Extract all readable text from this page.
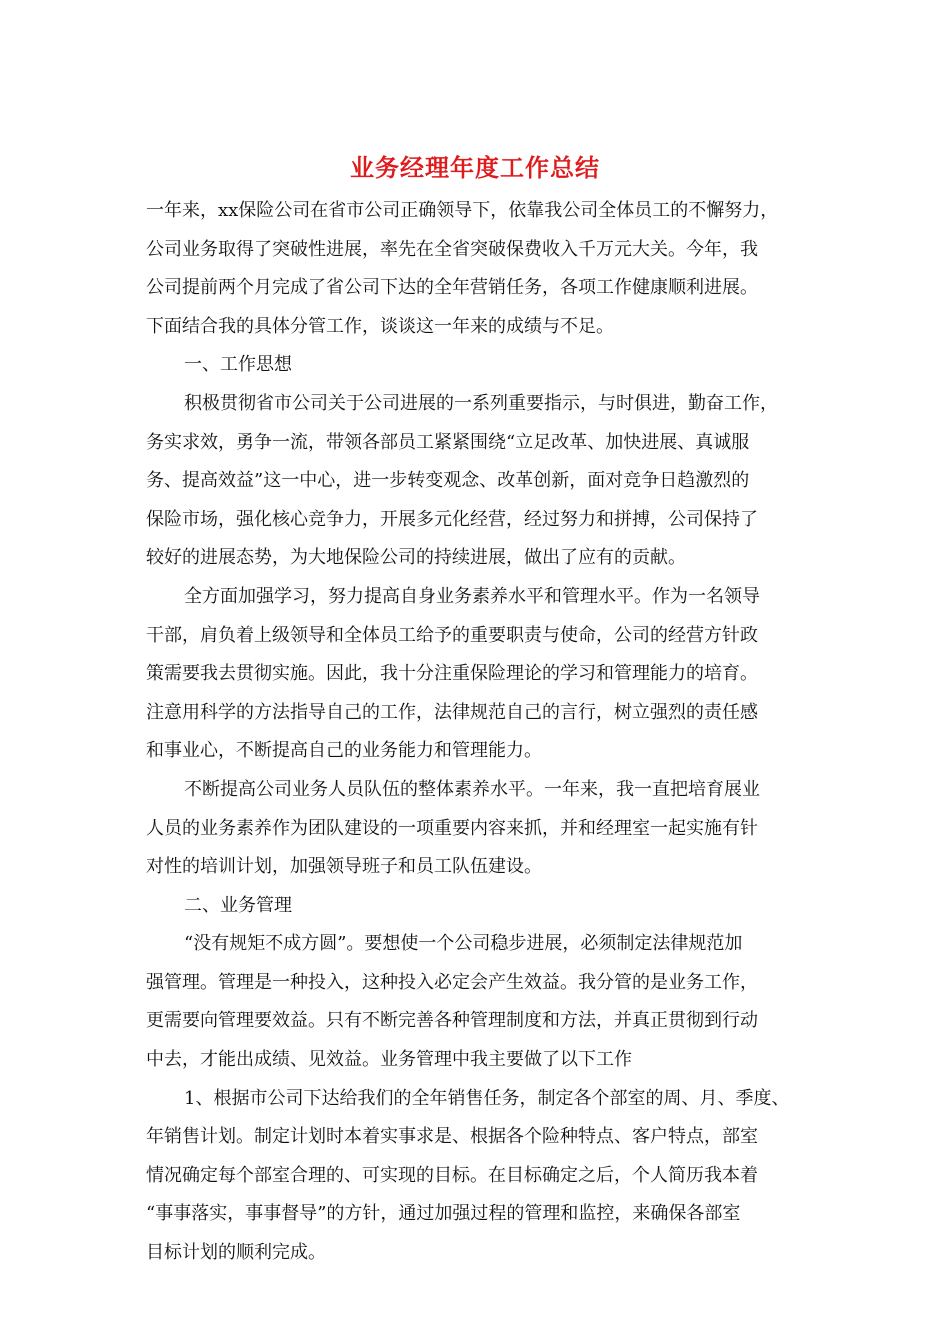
业务经理年度工作总结
一年来，xx保险公司在省市公司正确领导下，依靠我公司全体员工的不懈努力，
公司业务取得了突破性进展，率先在全省突破保费收入千万元大关。今年，我
公司提前两个月完成了省公司下达的全年营销任务，各项工作健康顺利进展。
下面结合我的具体分管工作，谈谈这一年来的成绩与不足。
一、工作思想
积极贯彻省市公司关于公司进展的一系列重要指示，与时俱进，勤奋工作，
务实求效，勇争一流，带领各部员工紧紧围绕“立足改革、加快进展、真诚服
务、提高效益”这一中心，进一步转变观念、改革创新，面对竞争日趋激烈的
保险市场，强化核心竞争力，开展多元化经营，经过努力和拼搏，公司保持了
较好的进展态势，为大地保险公司的持续进展，做出了应有的贡献。
全方面加强学习，努力提高自身业务素养水平和管理水平。作为一名领导
干部，肩负着上级领导和全体员工给予的重要职责与使命，公司的经营方针政
策需要我去贯彻实施。因此，我十分注重保险理论的学习和管理能力的培育。
注意用科学的方法指导自己的工作，法律规范自己的言行，树立强烈的责任感
和事业心，不断提高自己的业务能力和管理能力。
不断提高公司业务人员队伍的整体素养水平。一年来，我一直把培育展业
人员的业务素养作为团队建设的一项重要内容来抓，并和经理室一起实施有针
对性的培训计划，加强领导班子和员工队伍建设。
二、业务管理
“没有规矩不成方圆”。要想使一个公司稳步进展，必须制定法律规范加
强管理。管理是一种投入，这种投入必定会产生效益。我分管的是业务工作，
更需要向管理要效益。只有不断完善各种管理制度和方法，并真正贯彻到行动
中去，才能出成绩、见效益。业务管理中我主要做了以下工作
1、根据市公司下达给我们的全年销售任务，制定各个部室的周、月、季度、
年销售计划。制定计划时本着实事求是、根据各个险种特点、客户特点，部室
情况确定每个部室合理的、可实现的目标。在目标确定之后，个人简历我本着
“事事落实，事事督导”的方针，通过加强过程的管理和监控，来确保各部室
目标计划的顺利完成。
